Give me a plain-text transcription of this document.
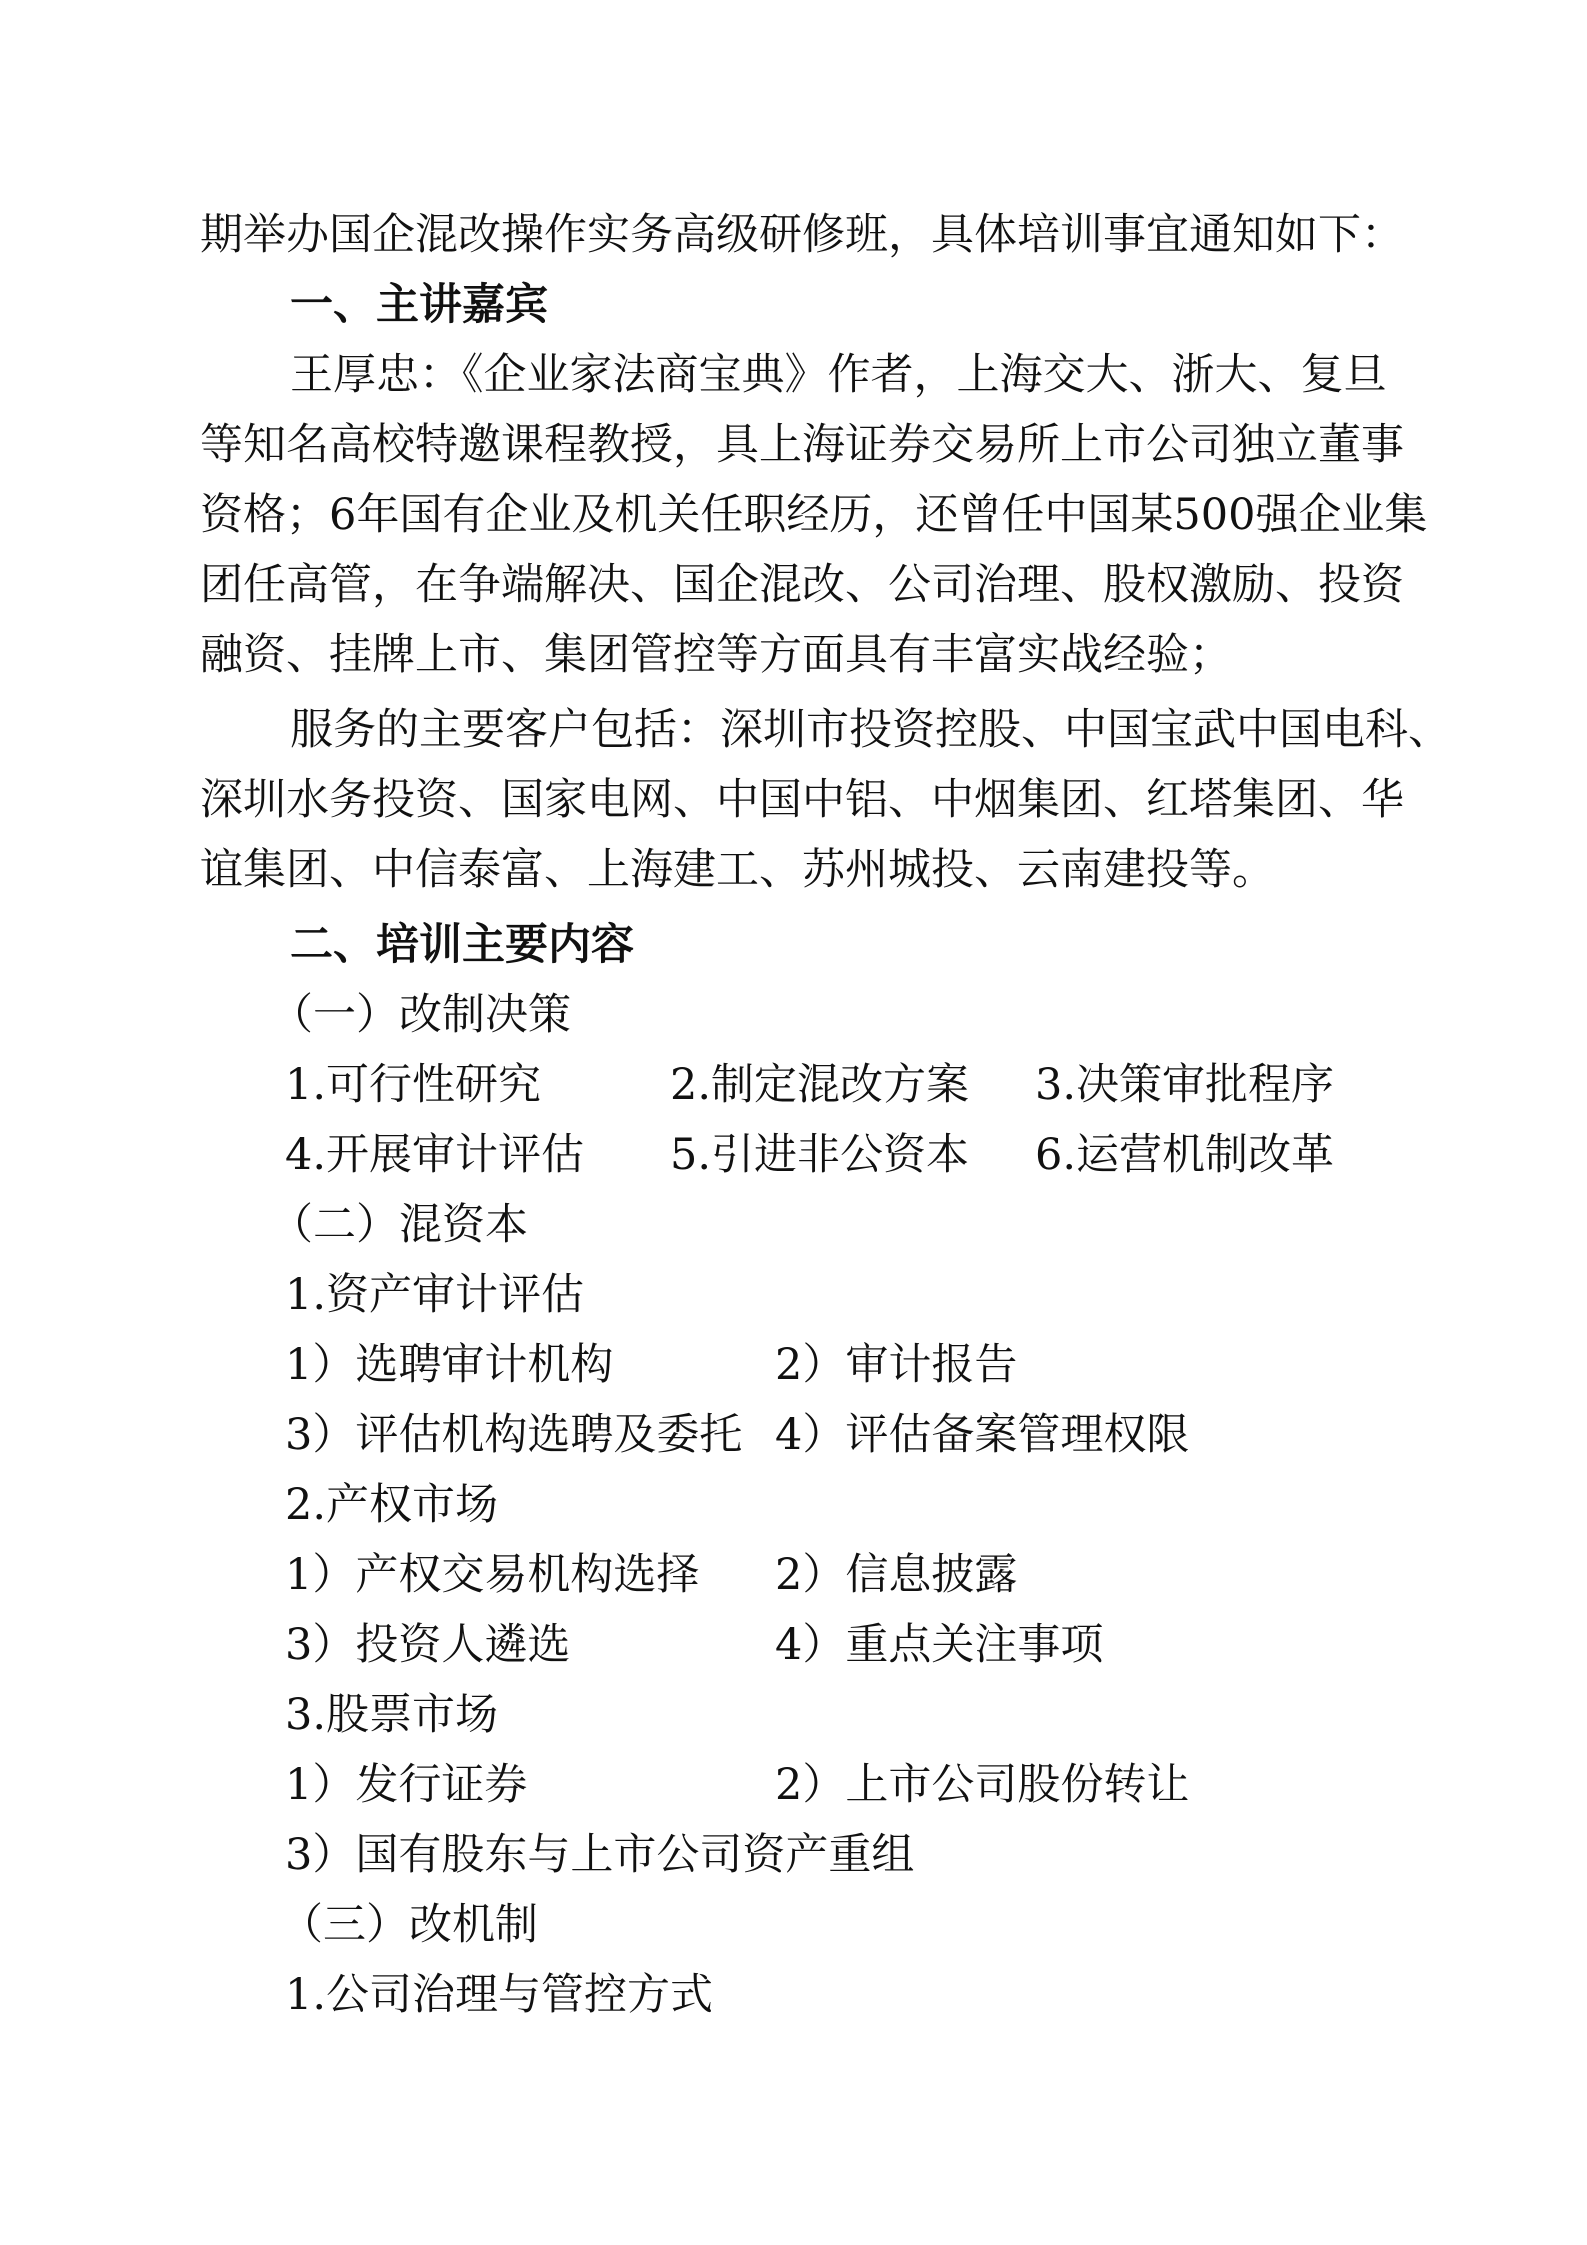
期举办国企混改操作实务高级研修班，具体培训事宜通知如下：
一、主讲嘉宾
王厚忠：《企业家法商宝典》作者，上海交大、浙大、复旦
等知名高校特邀课程教授，具上海证券交易所上市公司独立董事
资格；6年国有企业及机关任职经历，还曾任中国某500强企业集
团任高管，在争端解决、国企混改、公司治理、股权激励、投资
融资、挂牌上市、集团管控等方面具有丰富实战经验；
服务的主要客户包括：深圳市投资控股、中国宝武中国电科、
深圳水务投资、国家电网、中国中铝、中烟集团、红塔集团、华
谊集团、中信泰富、上海建工、苏州城投、云南建投等。
二、培训主要内容
（一）改制决策
1.可行性研究	2.制定混改方案 3.决策审批程序
4.开展审计评估 5.引进非公资本 6.运营机制改革
（二）混资本
1.资产审计评估
1）选聘审计机构	2）审计报告
3）评估机构选聘及委托 4）评估备案管理权限
2.产权市场
1）产权交易机构选择 2）信息披露
3）投资人遴选	4）重点关注事项
3.股票市场
1）发行证券	2）上市公司股份转让
3）国有股东与上市公司资产重组
（三）改机制
1.公司治理与管控方式
